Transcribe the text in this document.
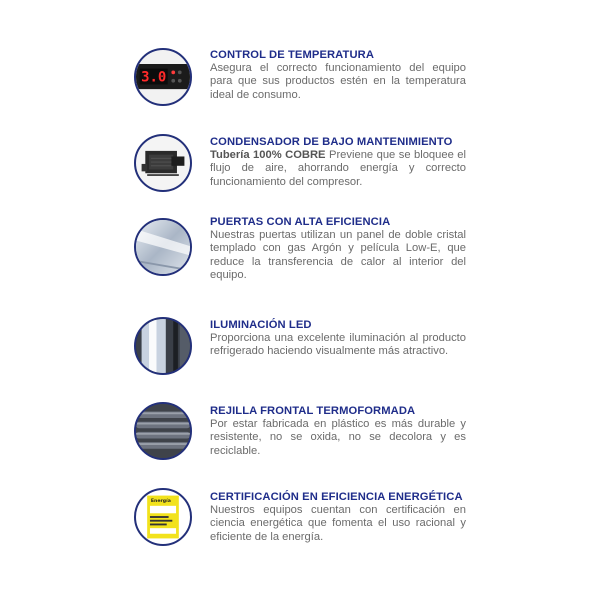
3.0
CONTROL DE TEMPERATURA
Asegura el correcto funcionamiento del equipo para que sus productos estén en la temperatura ideal de consumo.
CONDENSADOR DE BAJO MANTENIMIENTO
Tubería 100% COBRE Previene que se bloquee el flujo de aire, ahorrando energía y correcto funcionamiento del compresor.
PUERTAS CON ALTA EFICIENCIA
Nuestras puertas utilizan un panel de doble cristal templado con gas Argón y película Low-E, que reduce la transferencia de calor al interior del equipo.
ILUMINACIÓN LED
Proporciona una excelente iluminación al producto refrigerado haciendo visualmente más atractivo.
REJILLA FRONTAL TERMOFORMADA
Por estar fabricada en plástico es más durable y resistente, no se oxida, no se decolora y es reciclable.
Energía	CERTIFICACIÓN EN EFICIENCIA ENERGÉTICA
Nuestros equipos cuentan con certificación en ciencia energética que fomenta el uso racional y eficiente de la energía.
